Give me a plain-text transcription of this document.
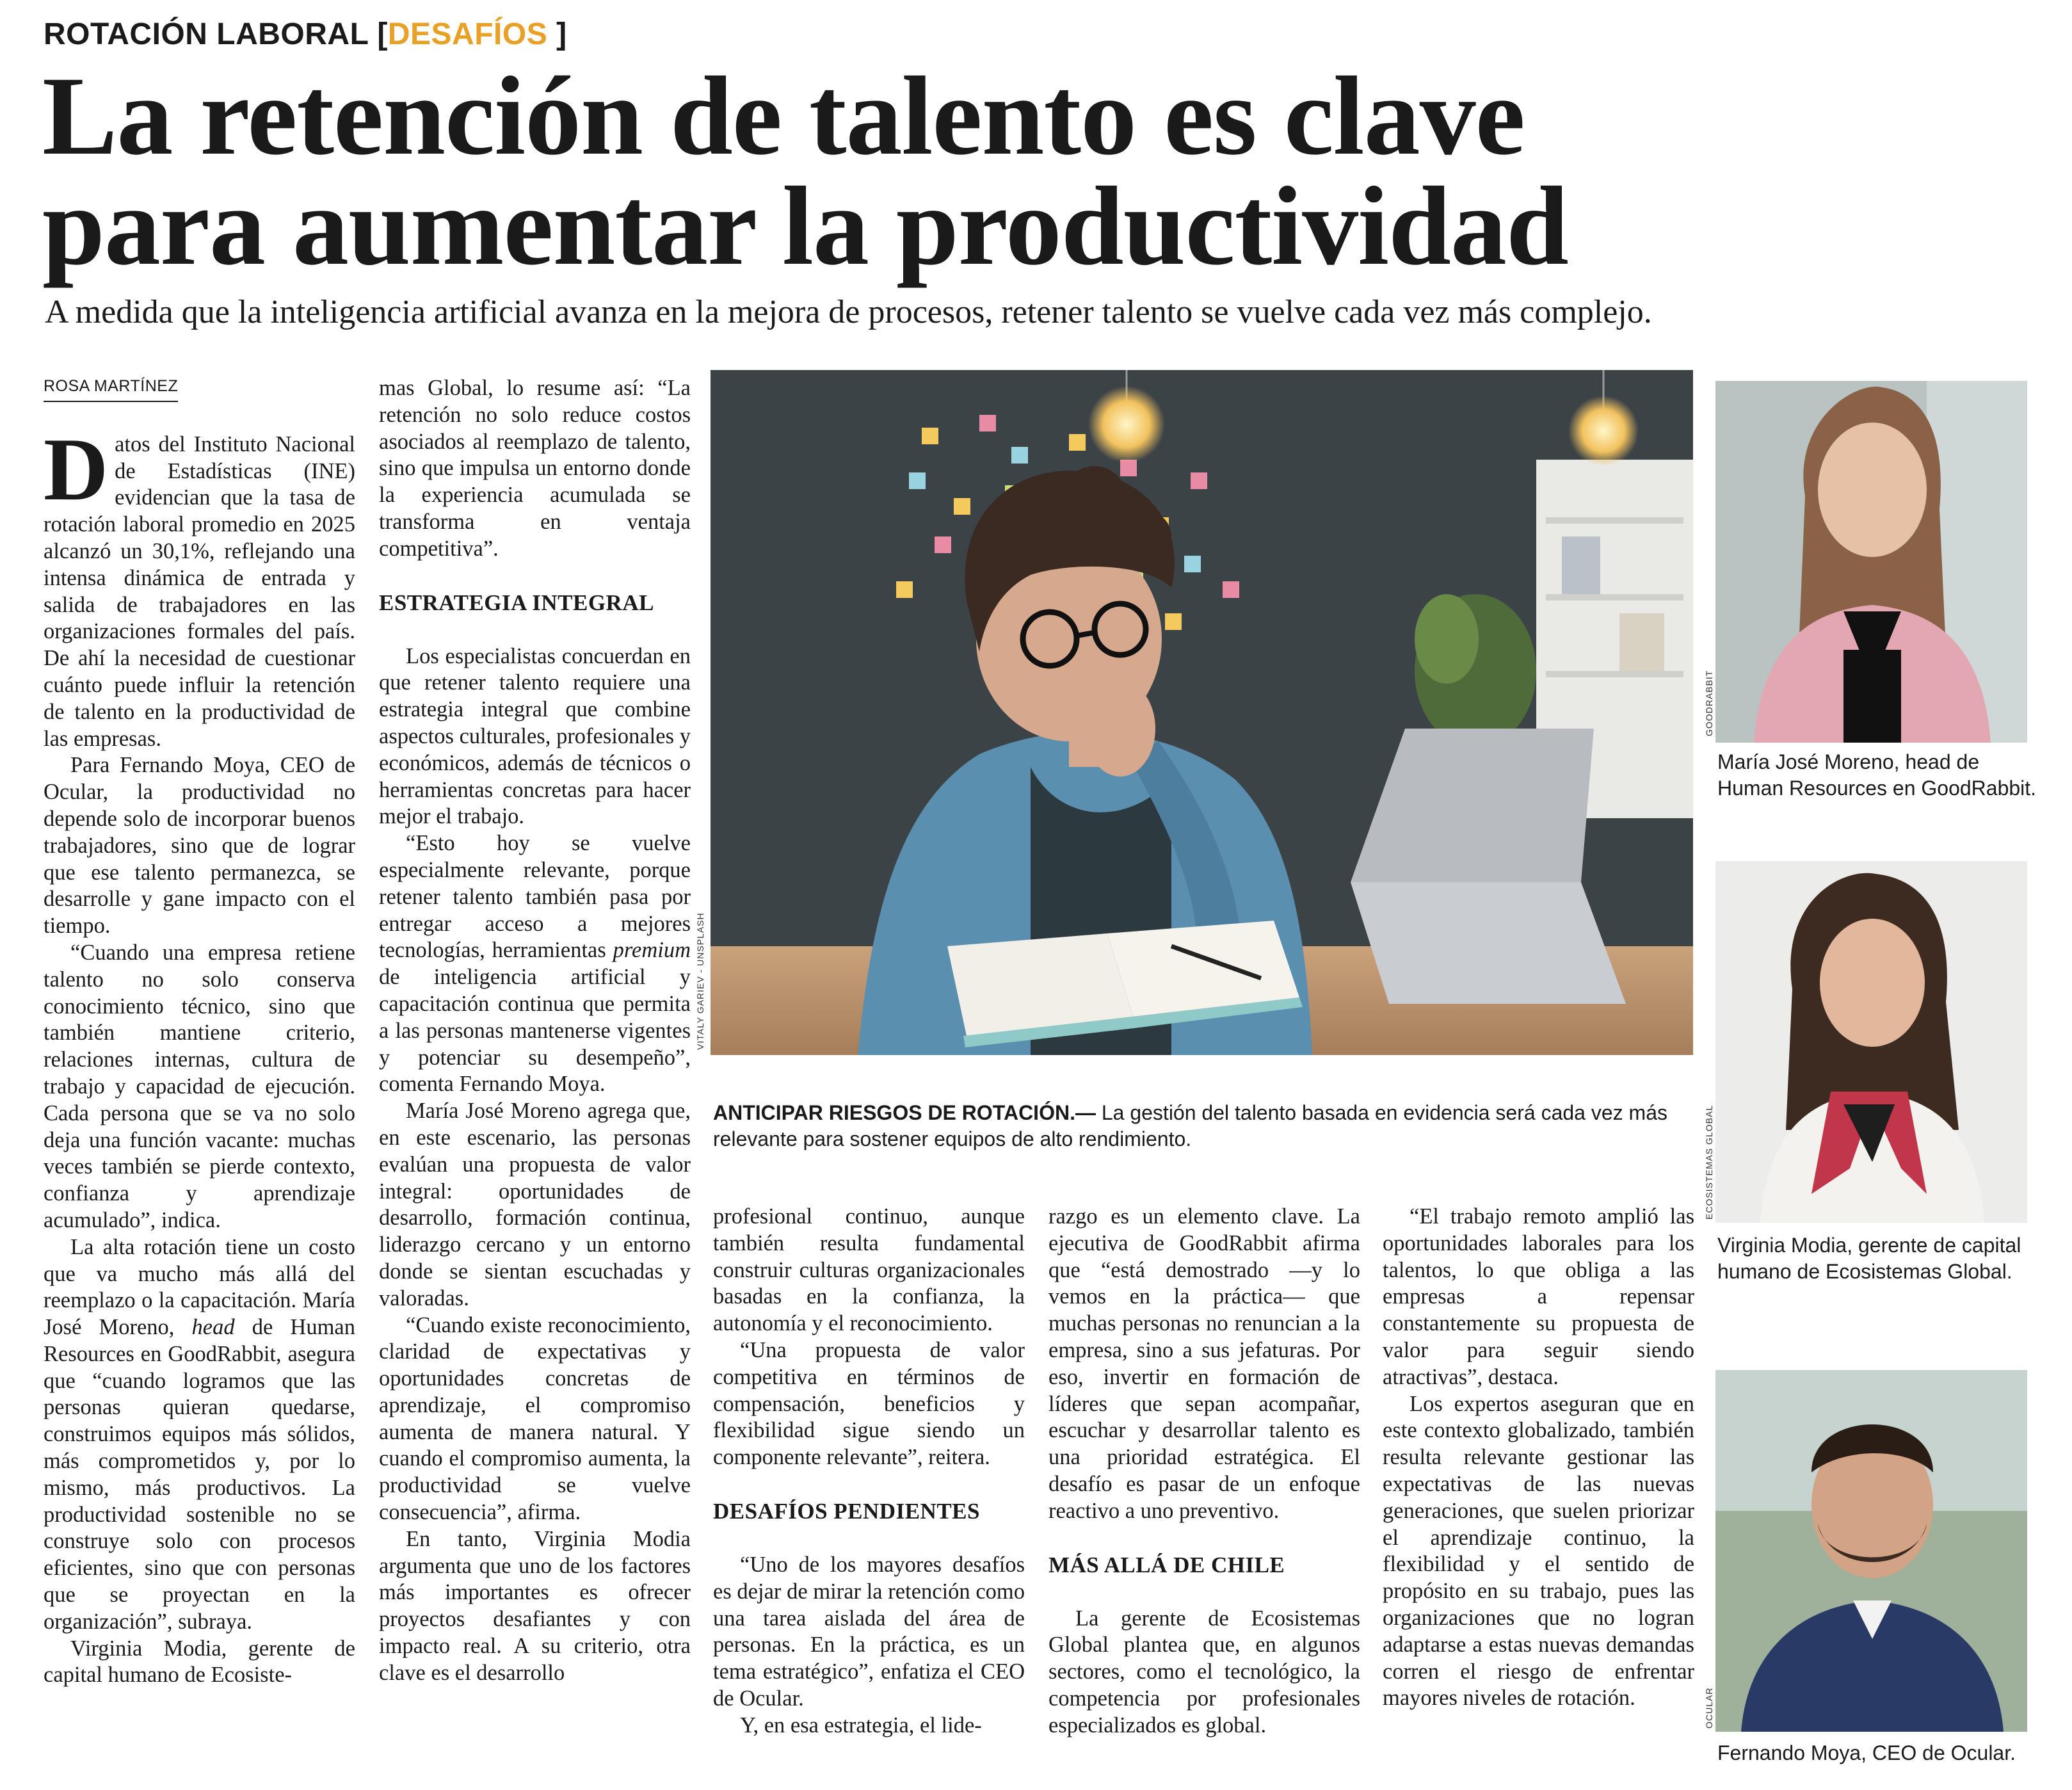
ROTACIÓN LABORAL [DESAFÍOS ]
La retención de talento es clave
para aumentar la productividad
A medida que la inteligencia artificial avanza en la mejora de procesos, retener talento se vuelve cada vez más complejo.
ROSA MARTÍNEZ

Datos del Instituto Nacional de Estadísticas (INE) evidencian que la tasa de rotación laboral promedio en 2025 alcanzó un 30,1%, reflejando una intensa dinámica de entrada y salida de trabajadores en las organizaciones formales del país. De ahí la necesidad de cuestionar cuánto puede influir la retención de talento en la productividad de las empresas.

Para Fernando Moya, CEO de Ocular, la productividad no depende solo de incorporar buenos trabajadores, sino que de lograr que ese talento permanezca, se desarrolle y gane impacto con el tiempo.

“Cuando una empresa retiene talento no solo conserva conocimiento técnico, sino que también mantiene criterio, relaciones internas, cultura de trabajo y capacidad de ejecución. Cada persona que se va no solo deja una función vacante: muchas veces también se pierde contexto, confianza y aprendizaje acumulado”, indica.

La alta rotación tiene un costo que va mucho más allá del reemplazo o la capacitación. María José Moreno, head de Human Resources en GoodRabbit, asegura que “cuando logramos que las personas quieran quedarse, construimos equipos más sólidos, más comprometidos y, por lo mismo, más productivos. La productividad sostenible no se construye solo con procesos eficientes, sino que con personas que se proyectan en la organización”, subraya.

Virginia Modia, gerente de capital humano de Ecosiste-

mas Global, lo resume así: “La retención no solo reduce costos asociados al reemplazo de talento, sino que impulsa un entorno donde la experiencia acumulada se transforma en ventaja competitiva”.

ESTRATEGIA INTEGRAL

Los especialistas concuerdan en que retener talento requiere una estrategia integral que combine aspectos culturales, profesionales y económicos, además de técnicos o herramientas concretas para hacer mejor el trabajo.

“Esto hoy se vuelve especialmente relevante, porque retener talento también pasa por entregar acceso a mejores tecnologías, herramientas premium de inteligencia artificial y capacitación continua que permita a las personas mantenerse vigentes y potenciar su desempeño”, comenta Fernando Moya.

María José Moreno agrega que, en este escenario, las personas evalúan una propuesta de valor integral: oportunidades de desarrollo, formación continua, liderazgo cercano y un entorno donde se sientan escuchadas y valoradas.

“Cuando existe reconocimiento, claridad de expectativas y oportunidades concretas de aprendizaje, el compromiso aumenta de manera natural. Y cuando el compromiso aumenta, la productividad se vuelve consecuencia”, afirma.

En tanto, Virginia Modia argumenta que uno de los factores más importantes es ofrecer proyectos desafiantes y con impacto real. A su criterio, otra clave es el desarrollo

VITALY GARIEV - UNSPLASH
ANTICIPAR RIESGOS DE ROTACIÓN.— La gestión del talento basada en evidencia será cada vez más relevante para sostener equipos de alto rendimiento.

profesional continuo, aunque también resulta fundamental construir culturas organizacionales basadas en la confianza, la autonomía y el reconocimiento.

“Una propuesta de valor competitiva en términos de compensación, beneficios y flexibilidad sigue siendo un componente relevante”, reitera.

DESAFÍOS PENDIENTES

“Uno de los mayores desafíos es dejar de mirar la retención como una tarea aislada del área de personas. En la práctica, es un tema estratégico”, enfatiza el CEO de Ocular.

Y, en esa estrategia, el lide-

razgo es un elemento clave. La ejecutiva de GoodRabbit afirma que “está demostrado —y lo vemos en la práctica— que muchas personas no renuncian a la empresa, sino a sus jefaturas. Por eso, invertir en formación de líderes que sepan acompañar, escuchar y desarrollar talento es una prioridad estratégica. El desafío es pasar de un enfoque reactivo a uno preventivo.

MÁS ALLÁ DE CHILE

La gerente de Ecosistemas Global plantea que, en algunos sectores, como el tecnológico, la competencia por profesionales especializados es global.

“El trabajo remoto amplió las oportunidades laborales para los talentos, lo que obliga a las empresas a repensar constantemente su propuesta de valor para seguir siendo atractivas”, destaca.

Los expertos aseguran que en este contexto globalizado, también resulta relevante gestionar las expectativas de las nuevas generaciones, que suelen priorizar el aprendizaje continuo, la flexibilidad y el sentido de propósito en su trabajo, pues las organizaciones que no logran adaptarse a estas nuevas demandas corren el riesgo de enfrentar mayores niveles de rotación.

GOODRABBIT
María José Moreno, head de Human Resources en GoodRabbit.
ECOSISTEMAS GLOBAL
Virginia Modia, gerente de capital humano de Ecosistemas Global.
OCULAR
Fernando Moya, CEO de Ocular.
